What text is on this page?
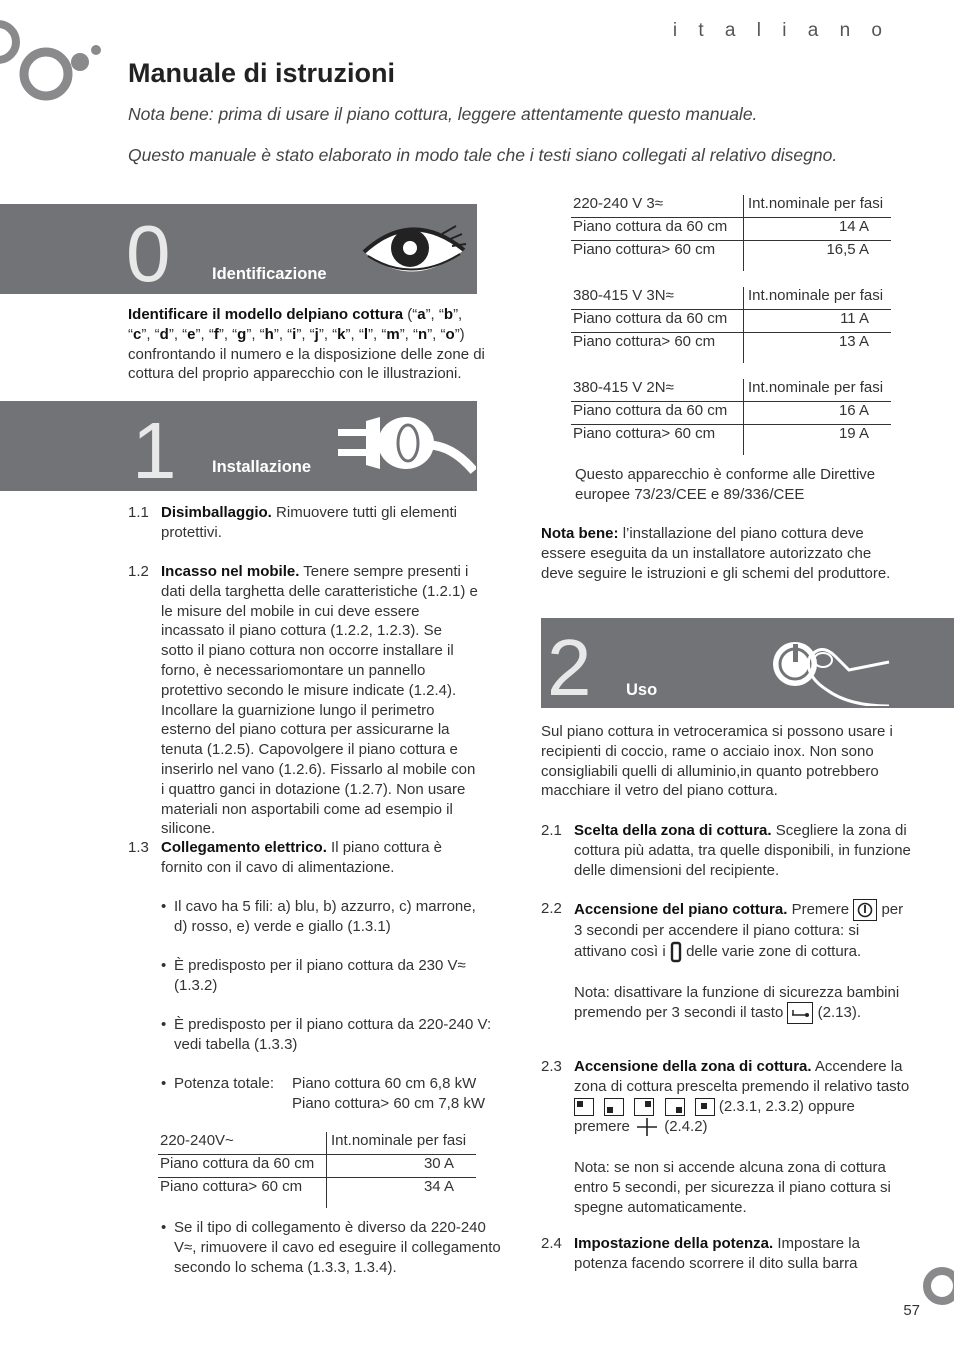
i t a l i a n o
Manuale di istruzioni
Nota bene: prima di usare il piano cottura, leggere attentamente questo manuale.
Questo manuale è stato elaborato in modo tale che i testi siano collegati al relativo disegno.
0	Identificazione
Identificare il modello delpiano cottura (“a”, “b”, “c”, “d”, “e”, “f”, “g”, “h”, “i”, “j”, “k”, “l”, “m”, “n”, “o”) confrontando il numero e la disposizione delle zone di cottura del proprio apparecchio con le illustrazioni.
1 Installazione
1.1 Disimballaggio. Rimuovere tutti gli elementi protettivi.
1.2 Incasso nel mobile. Tenere sempre presenti i dati della targhetta delle caratteristiche (1.2.1) e le misure del mobile in cui deve essere incassato il piano cottura (1.2.2, 1.2.3). Se sotto il piano cottura non occorre installare il forno, è necessariomontare un pannello protettivo secondo le misure indicate (1.2.4). Incollare la guarnizione lungo il perimetro esterno del piano cottura per assicurarne la tenuta (1.2.5). Capovolgere il piano cottura e inserirlo nel vano (1.2.6). Fissarlo al mobile con i quattro ganci in dotazione (1.2.7). Non usare materiali non asportabili come ad esempio il silicone.
1.3 Collegamento elettrico. Il piano cottura è fornito con il cavo di alimentazione.
• Il cavo ha 5 fili: a) blu, b) azzurro, c) marrone, d) rosso, e) verde e giallo (1.3.1)
• È predisposto per il piano cottura da 230 V≈ (1.3.2)
• È predisposto per il piano cottura da 220-240 V: vedi tabella (1.3.3)
• Potenza totale: Piano cottura 60 cm 6,8 kW
Piano cottura> 60 cm 7,8 kW
220-240V~	Int.nominale per fasi
Piano cottura da 60 cm	30 A
Piano cottura> 60 cm	34 A
• Se il tipo di collegamento è diverso da 220-240 V≈, rimuovere il cavo ed eseguire il collegamento secondo lo schema (1.3.3, 1.3.4).
220-240 V 3≈	Int.nominale per fasi
Piano cottura da 60 cm	14 A
Piano cottura> 60 cm	16,5 A
380-415 V 3N≈	Int.nominale per fasi
Piano cottura da 60 cm	11 A
Piano cottura> 60 cm	13 A
380-415 V 2N≈	Int.nominale per fasi
Piano cottura da 60 cm	16 A
Piano cottura> 60 cm	19 A
Questo apparecchio è conforme alle Direttive europee 73/23/CEE e 89/336/CEE
Nota bene: l’installazione del piano cottura deve essere eseguita da un installatore autorizzato che deve seguire le istruzioni e gli schemi del produttore.
2 Uso
Sul piano cottura in vetroceramica si possono usare i recipienti di coccio, rame o acciaio inox. Non sono consigliabili quelli di alluminio,in quanto potrebbero macchiare il vetro del piano cottura.
2.1 Scelta della zona di cottura. Scegliere la zona di cottura più adatta, tra quelle disponibili, in funzione delle dimensioni del recipiente.
2.2 Accensione del piano cottura. Premere per 3 secondi per accendere il piano cottura: si attivano così i delle varie zone di cottura.
Nota: disattivare la funzione di sicurezza bambini premendo per 3 secondi il tasto (2.13).
2.3 Accensione della zona di cottura. Accendere la zona di cottura prescelta premendo il relativo tasto

(2.3.1, 2.3.2) oppure premere (2.4.2)
Nota: se non si accende alcuna zona di cottura entro 5 secondi, per sicurezza il piano cottura si spegne automaticamente.
2.4 Impostazione della potenza. Impostare la potenza facendo scorrere il dito sulla barra
57
